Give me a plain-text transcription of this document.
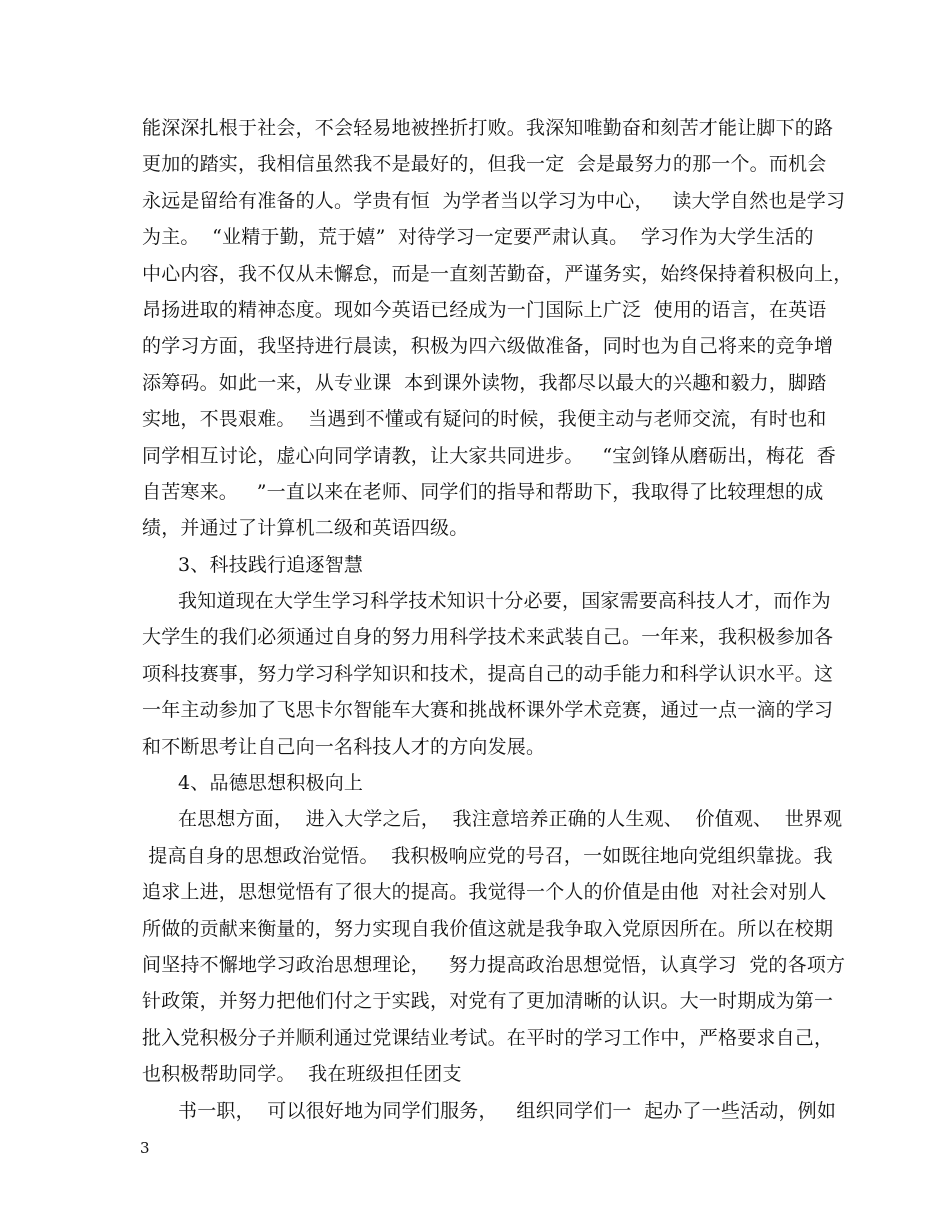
能深深扎根于社会，不会轻易地被挫折打败。我深知唯勤奋和刻苦才能让脚下的路
更加的踏实，我相信虽然我不是最好的，但我一定  会是最努力的那一个。而机会
永远是留给有准备的人。学贵有恒  为学者当以学习为中心，   读大学自然也是学习
为主。  “业精于勤，荒于嬉”  对待学习一定要严肃认真。  学习作为大学生活的
中心内容，我不仅从未懈怠，而是一直刻苦勤奋，严谨务实，始终保持着积极向上，
昂扬进取的精神态度。现如今英语已经成为一门国际上广泛  使用的语言，在英语
的学习方面，我坚持进行晨读，积极为四六级做准备，同时也为自己将来的竞争增
添筹码。如此一来，从专业课  本到课外读物，我都尽以最大的兴趣和毅力，脚踏
实地，不畏艰难。  当遇到不懂或有疑问的时候，我便主动与老师交流，有时也和
同学相互讨论，虚心向同学请教，让大家共同进步。   “宝剑锋从磨砺出，梅花  香
自苦寒来。   ”一直以来在老师、同学们的指导和帮助下，我取得了比较理想的成
绩，并通过了计算机二级和英语四级。
3、科技践行追逐智慧
我知道现在大学生学习科学技术知识十分必要，国家需要高科技人才，而作为
大学生的我们必须通过自身的努力用科学技术来武装自己。一年来，我积极参加各
项科技赛事，努力学习科学知识和技术，提高自己的动手能力和科学认识水平。这
一年主动参加了飞思卡尔智能车大赛和挑战杯课外学术竞赛，通过一点一滴的学习
和不断思考让自己向一名科技人才的方向发展。
4、品德思想积极向上
在思想方面，  进入大学之后，  我注意培养正确的人生观、  价值观、  世界观
提高自身的思想政治觉悟。  我积极响应党的号召，一如既往地向党组织靠拢。我
追求上进，思想觉悟有了很大的提高。我觉得一个人的价值是由他  对社会对别人
所做的贡献来衡量的，努力实现自我价值这就是我争取入党原因所在。所以在校期
间坚持不懈地学习政治思想理论，   努力提高政治思想觉悟，认真学习  党的各项方
针政策，并努力把他们付之于实践，对党有了更加清晰的认识。大一时期成为第一
批入党积极分子并顺利通过党课结业考试。在平时的学习工作中，严格要求自己，
也积极帮助同学。  我在班级担任团支
书一职，  可以很好地为同学们服务，   组织同学们一  起办了一些活动，例如
3
